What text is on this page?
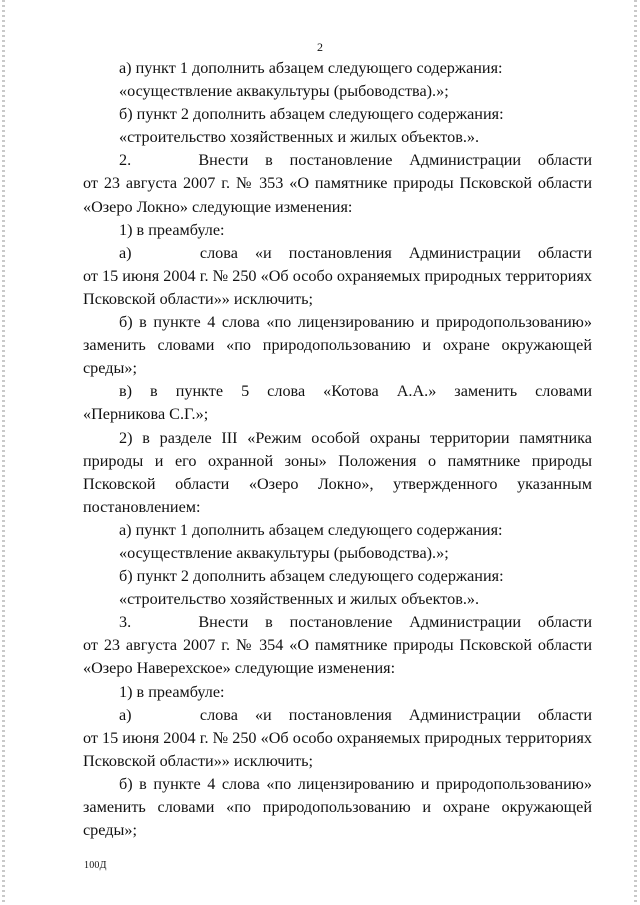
2
а) пункт 1 дополнить абзацем следующего содержания:
«осуществление аквакультуры (рыбоводства).»;
б) пункт 2 дополнить абзацем следующего содержания:
«строительство хозяйственных и жилых объектов.».
2.    Внести в постановление Администрации области
от 23 августа 2007 г. № 353 «О памятнике природы Псковской области
«Озеро Локно» следующие изменения:
1) в преамбуле:
а)    слова «и постановления Администрации области
от 15 июня 2004 г. № 250 «Об особо охраняемых природных территориях
Псковской области»» исключить;
б) в пункте 4 слова «по лицензированию и природопользованию»
заменить словами «по природопользованию и охране окружающей
среды»;
в) в пункте 5 слова «Котова А.А.» заменить словами
«Перникова С.Г.»;
2) в разделе III «Режим особой охраны территории памятника
природы и его охранной зоны» Положения о памятнике природы
Псковской области «Озеро Локно», утвержденного указанным
постановлением:
а) пункт 1 дополнить абзацем следующего содержания:
«осуществление аквакультуры (рыбоводства).»;
б) пункт 2 дополнить абзацем следующего содержания:
«строительство хозяйственных и жилых объектов.».
3.    Внести в постановление Администрации области
от 23 августа 2007 г. № 354 «О памятнике природы Псковской области
«Озеро Наверехское» следующие изменения:
1) в преамбуле:
а)    слова «и постановления Администрации области
от 15 июня 2004 г. № 250 «Об особо охраняемых природных территориях
Псковской области»» исключить;
б) в пункте 4 слова «по лицензированию и природопользованию»
заменить словами «по природопользованию и охране окружающей
среды»;
100Д
